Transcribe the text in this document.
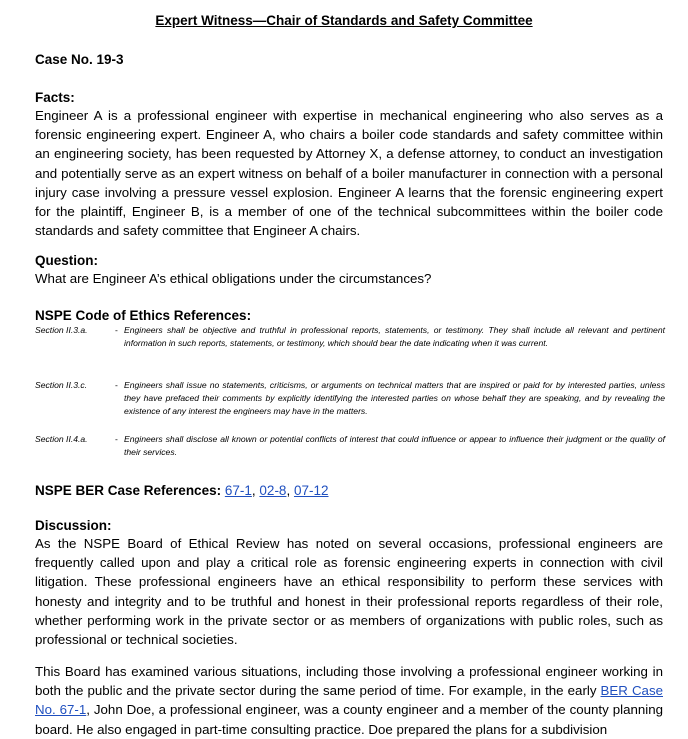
Expert Witness—Chair of Standards and Safety Committee
Case No. 19-3
Facts:
Engineer A is a professional engineer with expertise in mechanical engineering who also serves as a forensic engineering expert. Engineer A, who chairs a boiler code standards and safety committee within an engineering society, has been requested by Attorney X, a defense attorney, to conduct an investigation and potentially serve as an expert witness on behalf of a boiler manufacturer in connection with a personal injury case involving a pressure vessel explosion. Engineer A learns that the forensic engineering expert for the plaintiff, Engineer B, is a member of one of the technical subcommittees within the boiler code standards and safety committee that Engineer A chairs.
Question:
What are Engineer A’s ethical obligations under the circumstances?
NSPE Code of Ethics References:
Section II.3.a.	- Engineers shall be objective and truthful in professional reports, statements, or testimony. They shall include all relevant and pertinent information in such reports, statements, or testimony, which should bear the date indicating when it was current.
Section II.3.c.	- Engineers shall issue no statements, criticisms, or arguments on technical matters that are inspired or paid for by interested parties, unless they have prefaced their comments by explicitly identifying the interested parties on whose behalf they are speaking, and by revealing the existence of any interest the engineers may have in the matters.
Section II.4.a.	- Engineers shall disclose all known or potential conflicts of interest that could influence or appear to influence their judgment or the quality of their services.
NSPE BER Case References: 67-1, 02-8, 07-12
Discussion:
As the NSPE Board of Ethical Review has noted on several occasions, professional engineers are frequently called upon and play a critical role as forensic engineering experts in connection with civil litigation. These professional engineers have an ethical responsibility to perform these services with honesty and integrity and to be truthful and honest in their professional reports regardless of their role, whether performing work in the private sector or as members of organizations with public roles, such as professional or technical societies.
This Board has examined various situations, including those involving a professional engineer working in both the public and the private sector during the same period of time. For example, in the early BER Case No. 67-1, John Doe, a professional engineer, was a county engineer and a member of the county planning board. He also engaged in part-time consulting practice. Doe prepared the plans for a subdivision
